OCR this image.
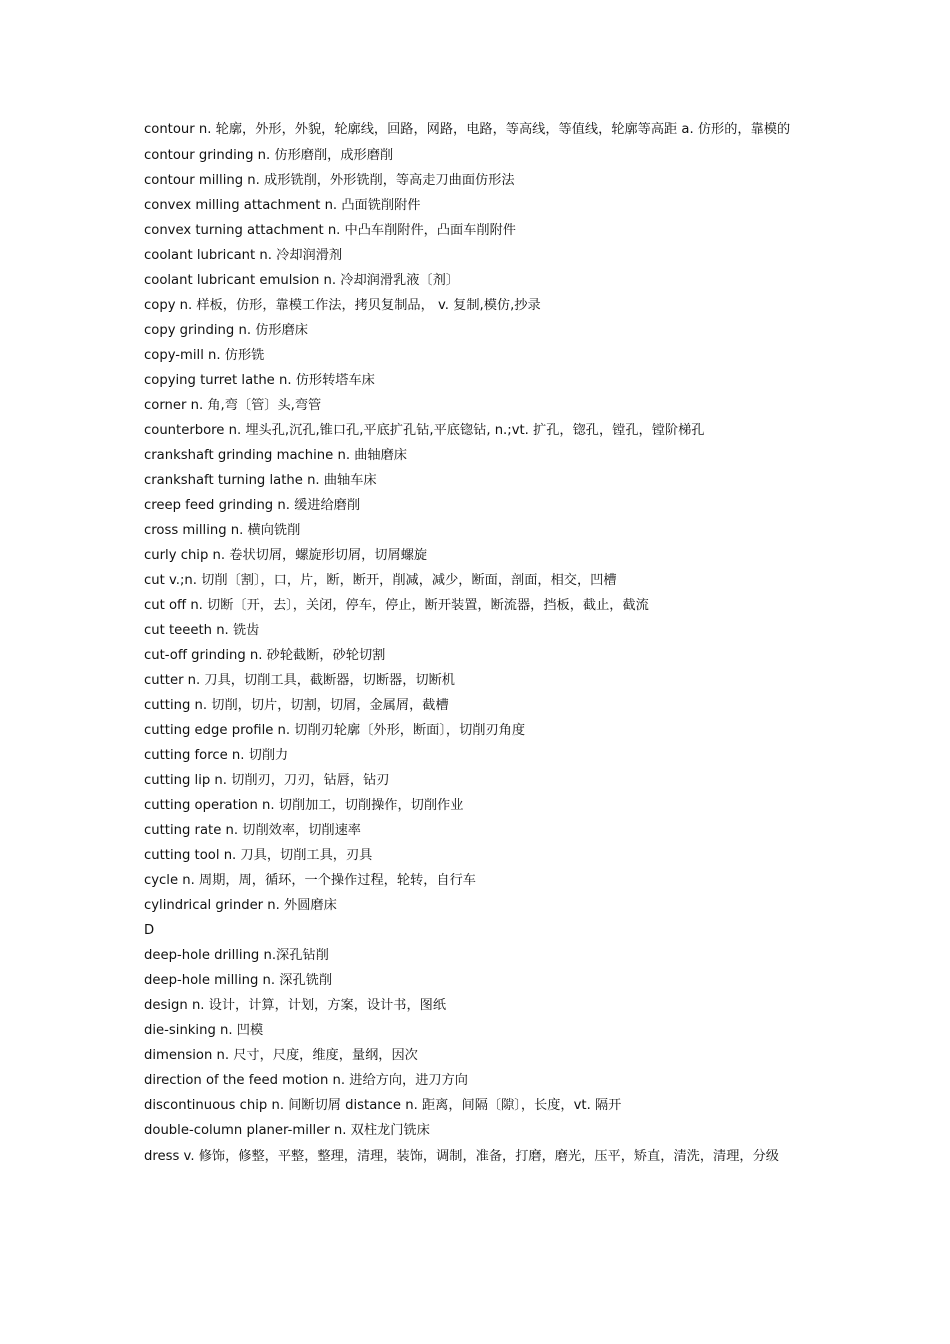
contour n. 轮廓，外形，外貌，轮廓线，回路，网路，电路，等高线，等值线，轮廓等高距 a. 仿形的，靠模的
contour grinding n. 仿形磨削，成形磨削
contour milling n. 成形铣削，外形铣削，等高走刀曲面仿形法
convex milling attachment n. 凸面铣削附件
convex turning attachment n. 中凸车削附件，凸面车削附件
coolant lubricant n. 冷却润滑剂
coolant lubricant emulsion n. 冷却润滑乳液〔剂〕
copy n. 样板，仿形，靠模工作法，拷贝复制品， v. 复制,模仿,抄录
copy grinding n. 仿形磨床
copy-mill n. 仿形铣
copying turret lathe n. 仿形转塔车床
corner n. 角,弯〔管〕头,弯管
counterbore n. 埋头孔,沉孔,锥口孔,平底扩孔钻,平底锪钻, n.;vt. 扩孔，锪孔，镗孔，镗阶梯孔
crankshaft grinding machine n. 曲轴磨床
crankshaft turning lathe n. 曲轴车床
creep feed grinding n. 缓进给磨削
cross milling n. 横向铣削
curly chip n. 卷状切屑，螺旋形切屑，切屑螺旋
cut v.;n. 切削〔割〕，口，片，断，断开，削减，减少，断面，剖面，相交，凹槽
cut off n. 切断〔开，去〕，关闭，停车，停止，断开装置，断流器，挡板，截止，截流
cut teeeth n. 铣齿
cut-off grinding n. 砂轮截断，砂轮切割
cutter n. 刀具，切削工具，截断器，切断器，切断机
cutting n. 切削，切片，切割，切屑，金属屑，截槽
cutting edge profile n. 切削刃轮廓〔外形，断面〕，切削刃角度
cutting force n. 切削力
cutting lip n. 切削刃，刀刃，钻唇，钻刃
cutting operation n. 切削加工，切削操作，切削作业
cutting rate n. 切削效率，切削速率
cutting tool n. 刀具，切削工具，刃具
cycle n. 周期，周，循环，一个操作过程，轮转，自行车
cylindrical grinder n. 外圆磨床
D
deep-hole drilling n.深孔钻削
deep-hole milling n. 深孔铣削
design n. 设计，计算，计划，方案，设计书，图纸
die-sinking n. 凹模
dimension n. 尺寸，尺度，维度，量纲，因次
direction of the feed motion n. 进给方向，进刀方向
discontinuous chip n. 间断切屑 distance n. 距离，间隔〔隙〕，长度，vt. 隔开
double-column planer-miller n. 双柱龙门铣床
dress v. 修饰，修整，平整，整理，清理，装饰，调制，准备，打磨，磨光，压平，矫直，清洗，清理，分级
